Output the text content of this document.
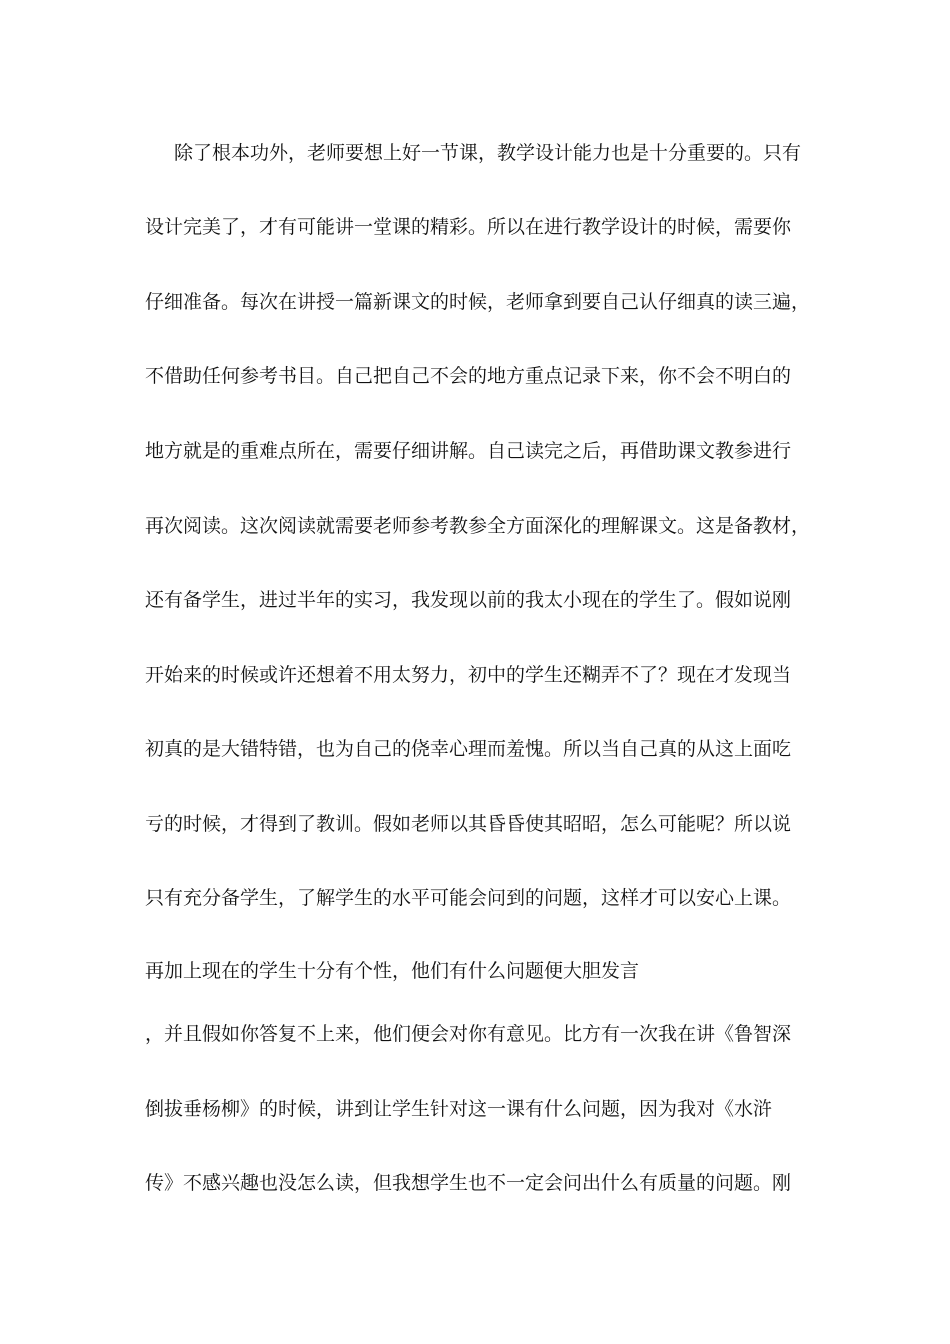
除了根本功外，老师要想上好一节课，教学设计能力也是十分重要的。只有

设计完美了，才有可能讲一堂课的精彩。所以在进行教学设计的时候，需要你

仔细准备。每次在讲授一篇新课文的时候，老师拿到要自己认仔细真的读三遍，

不借助任何参考书目。自己把自己不会的地方重点记录下来，你不会不明白的

地方就是的重难点所在，需要仔细讲解。自己读完之后，再借助课文教参进行

再次阅读。这次阅读就需要老师参考教参全方面深化的理解课文。这是备教材，

还有备学生，进过半年的实习，我发现以前的我太小现在的学生了。假如说刚

开始来的时候或许还想着不用太努力，初中的学生还糊弄不了？现在才发现当

初真的是大错特错，也为自己的侥幸心理而羞愧。所以当自己真的从这上面吃

亏的时候，才得到了教训。假如老师以其昏昏使其昭昭，怎么可能呢？所以说

只有充分备学生，了解学生的水平可能会问到的问题，这样才可以安心上课。

再加上现在的学生十分有个性，他们有什么问题便大胆发言

，并且假如你答复不上来，他们便会对你有意见。比方有一次我在讲《鲁智深

倒拔垂杨柳》的时候，讲到让学生针对这一课有什么问题，因为我对《水浒

传》不感兴趣也没怎么读，但我想学生也不一定会问出什么有质量的问题。刚
